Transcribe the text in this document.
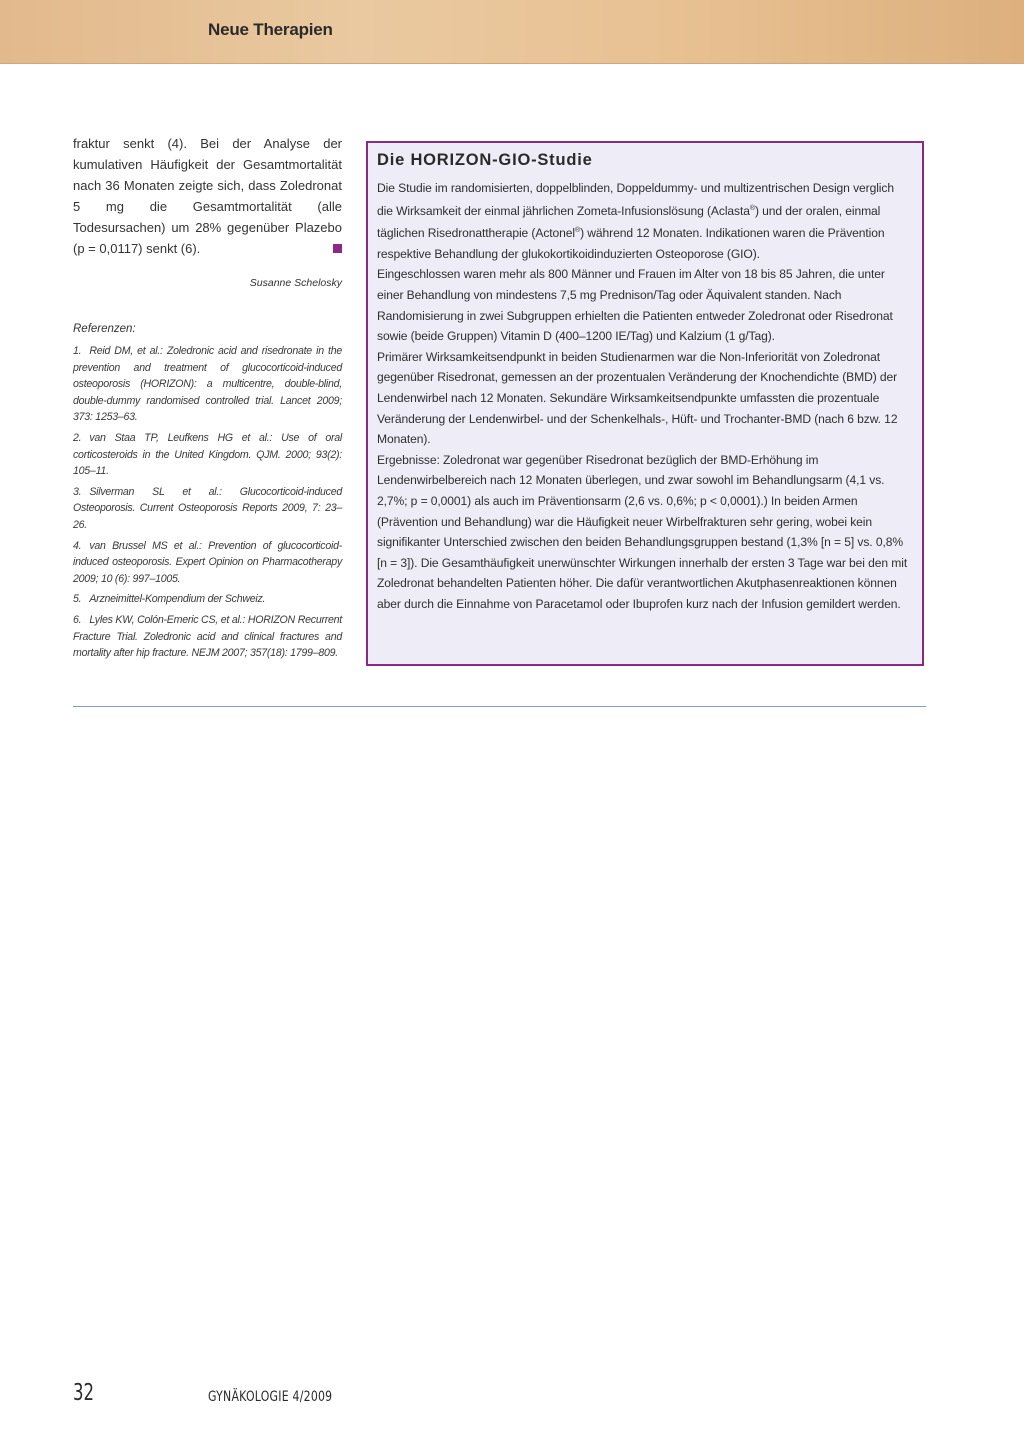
Neue Therapien

fraktur senkt (4). Bei der Analyse der kumulativen Häufigkeit der Gesamtmortalität nach 36 Monaten zeigte sich, dass Zoledronat 5 mg die Gesamtmortalität (alle Todesursachen) um 28% gegenüber Plazebo (p = 0,0117) senkt (6).

Susanne Schelosky
Referenzen:
1. Reid DM, et al.: Zoledronic acid and risedronate in the prevention and treatment of glucocorticoid-induced osteoporosis (HORIZON): a multicentre, double-blind, double-dummy randomised controlled trial. Lancet 2009; 373: 1253–63.
2. van Staa TP, Leufkens HG et al.: Use of oral corticosteroids in the United Kingdom. QJM. 2000; 93(2): 105–11.
3. Silverman SL et al.: Glucocorticoid-induced Osteoporosis. Current Osteoporosis Reports 2009, 7: 23–26.
4. van Brussel MS et al.: Prevention of glucocorticoid-induced osteoporosis. Expert Opinion on Pharmacotherapy 2009; 10 (6): 997–1005.
5. Arzneimittel-Kompendium der Schweiz.
6. Lyles KW, Colón-Emeric CS, et al.: HORIZON Recurrent Fracture Trial. Zoledronic acid and clinical fractures and mortality after hip fracture. NEJM 2007; 357(18): 1799–809.
Die HORIZON-GIO-Studie

Die Studie im randomisierten, doppelblinden, Doppeldummy- und multizentrischen Design verglich die Wirksamkeit der einmal jährlichen Zometa-Infusionslösung (Aclasta®) und der oralen, einmal täglichen Risedronattherapie (Actonel®) während 12 Monaten. Indikationen waren die Prävention respektive Behandlung der glukokortikoidinduzierten Osteoporose (GIO).

Eingeschlossen waren mehr als 800 Männer und Frauen im Alter von 18 bis 85 Jahren, die unter einer Behandlung von mindestens 7,5 mg Prednison/Tag oder Äquivalent standen. Nach Randomisierung in zwei Subgruppen erhielten die Patienten entweder Zoledronat oder Risedronat sowie (beide Gruppen) Vitamin D (400–1200 IE/Tag) und Kalzium (1 g/Tag).

Primärer Wirksamkeitsendpunkt in beiden Studienarmen war die Non-Inferiorität von Zoledronat gegenüber Risedronat, gemessen an der prozentualen Veränderung der Knochendichte (BMD) der Lendenwirbel nach 12 Monaten. Sekundäre Wirksamkeitsendpunkte umfassten die prozentuale Veränderung der Lendenwirbel- und der Schenkelhals-, Hüft- und Trochanter-BMD (nach 6 bzw. 12 Monaten).

Ergebnisse: Zoledronat war gegenüber Risedronat bezüglich der BMD-Erhöhung im Lendenwirbelbereich nach 12 Monaten überlegen, und zwar sowohl im Behandlungsarm (4,1 vs. 2,7%; p = 0,0001) als auch im Präventionsarm (2,6 vs. 0,6%; p < 0,0001).) In beiden Armen (Prävention und Behandlung) war die Häufigkeit neuer Wirbelfrakturen sehr gering, wobei kein signifikanter Unterschied zwischen den beiden Behandlungsgruppen bestand (1,3% [n = 5] vs. 0,8% [n = 3]). Die Gesamthäufigkeit unerwünschter Wirkungen innerhalb der ersten 3 Tage war bei den mit Zoledronat behandelten Patienten höher. Die dafür verantwortlichen Akutphasenreaktionen können aber durch die Einnahme von Paracetamol oder Ibuprofen kurz nach der Infusion gemildert werden.

32	GYNÄKOLOGIE 4/2009
